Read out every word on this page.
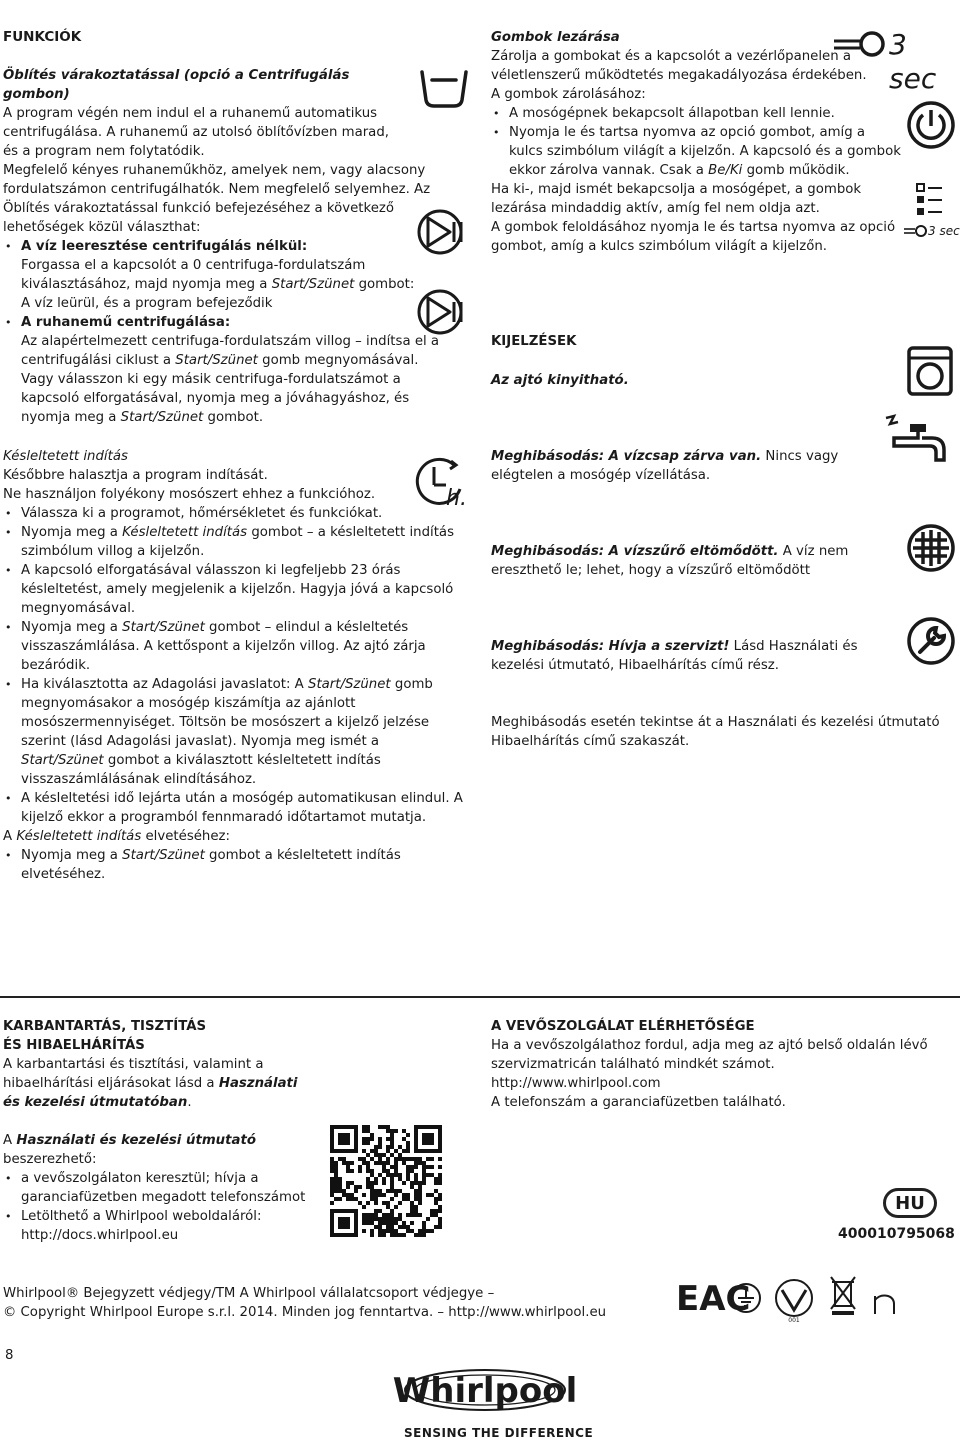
FUNKCIÓK

Öblítés várakoztatással (opció a Centrifugálás gombon)

A program végén nem indul el a ruhanemű automatikus centrifugálása. A ruhanemű az utolsó öblítővízben marad, és a program nem folytatódik.

Megfelelő kényes ruhaneműkhöz, amelyek nem, vagy alacsony fordulatszámon centrifugálhatók. Nem megfelelő selyemhez. Az Öblítés várakoztatással funkció befejezéséhez a következő lehetőségek közül választhat:

• A víz leeresztése centrifugálás nélkül:
Forgassa el a kapcsolót a 0 centrifuga-fordulatszám kiválasztásához, majd nyomja meg a Start/Szünet gombot:
A víz leürül, és a program befejeződik
• A ruhanemű centrifugálása:
Az alapértelmezett centrifuga-fordulatszám villog – indítsa el a centrifugálási ciklust a Start/Szünet gomb megnyomásával.
Vagy válasszon ki egy másik centrifuga-fordulatszámot a kapcsoló elforgatásával, nyomja meg a jóváhagyáshoz, és nyomja meg a Start/Szünet gombot.

Késleltetett indítás

Későbbre halasztja a program indítását.

Ne használjon folyékony mosószert ehhez a funkcióhoz.

• Válassza ki a programot, hőmérsékletet és funkciókat.
• Nyomja meg a Késleltetett indítás gombot – a késleltetett indítás szimbólum villog a kijelzőn.
• A kapcsoló elforgatásával válasszon ki legfeljebb 23 órás késleltetést, amely megjelenik a kijelzőn. Hagyja jóvá a kapcsoló megnyomásával.
• Nyomja meg a Start/Szünet gombot – elindul a késleltetés visszaszámlálása. A kettőspont a kijelzőn villog. Az ajtó zárja bezáródik.
• Ha kiválasztotta az Adagolási javaslatot: A Start/Szünet gomb megnyomásakor a mosógép kiszámítja az ajánlott mosószermennyiséget. Töltsön be mosószert a kijelző jelzése szerint (lásd Adagolási javaslat). Nyomja meg ismét a Start/Szünet gombot a kiválasztott késleltetett indítás visszaszámlálásának elindításához.
• A késleltetési idő lejárta után a mosógép automatikusan elindul. A kijelző ekkor a programból fennmaradó időtartamot mutatja.

A Késleltetett indítás elvetéséhez:

• Nyomja meg a Start/Szünet gombot a késleltetett indítás elvetéséhez.
h.

Gombok lezárása

Zárolja a gombokat és a kapcsolót a vezérlőpanelen a véletlenszerű működtetés megakadályozása érdekében.

A gombok zárolásához:

• A mosógépnek bekapcsolt állapotban kell lennie.
• Nyomja le és tartsa nyomva az opció gombot, amíg a kulcs szimbólum világít a kijelzőn. A kapcsoló és a gombok ekkor zárolva vannak. Csak a Be/Ki gomb működik.

Ha ki-, majd ismét bekapcsolja a mosógépet, a gombok lezárása mindaddig aktív, amíg fel nem oldja azt.

A gombok feloldásához nyomja le és tartsa nyomva az opció gombot, amíg a kulcs szimbólum világít a kijelzőn.

KIJELZÉSEK
Az ajtó kinyitható.
Meghibásodás: A vízcsap zárva van. Nincs vagy elégtelen a mosógép vízellátása.
Meghibásodás: A vízszűrő eltömődött. A víz nem ereszthető le; lehet, hogy a vízszűrő eltömődött
Meghibásodás: Hívja a szervizt! Lásd Használati és kezelési útmutató, Hibaelhárítás című rész.
Meghibásodás esetén tekintse át a Használati és kezelési útmutató Hibaelhárítás című szakaszát.
3 sec
3 sec

KARBANTARTÁS, TISZTÍTÁS

ÉS HIBAELHÁRÍTÁS

A karbantartási és tisztítási, valamint a hibaelhárítási eljárásokat lásd a Használati és kezelési útmutatóban.

A Használati és kezelési útmutató beszerezhető:

• a vevőszolgálaton keresztül; hívja a garanciafüzetben megadott telefonszámot
• Letölthető a Whirlpool weboldaláról: http://docs.whirlpool.eu

A VEVŐSZOLGÁLAT ELÉRHETŐSÉGE

Ha a vevőszolgálathoz fordul, adja meg az ajtó belső oldalán lévő szervizmatricán található mindkét számot.

http://www.whirlpool.com

A telefonszám a garanciafüzetben található.

HU
400010795068

Whirlpool® Bejegyzett védjegy/TM A Whirlpool vállalatcsoport védjegye –

© Copyright Whirlpool Europe s.r.l. 2014. Minden jog fenntartva. – http://www.whirlpool.eu	EAC
001
8
Whirlpool
SENSING THE DIFFERENCE
